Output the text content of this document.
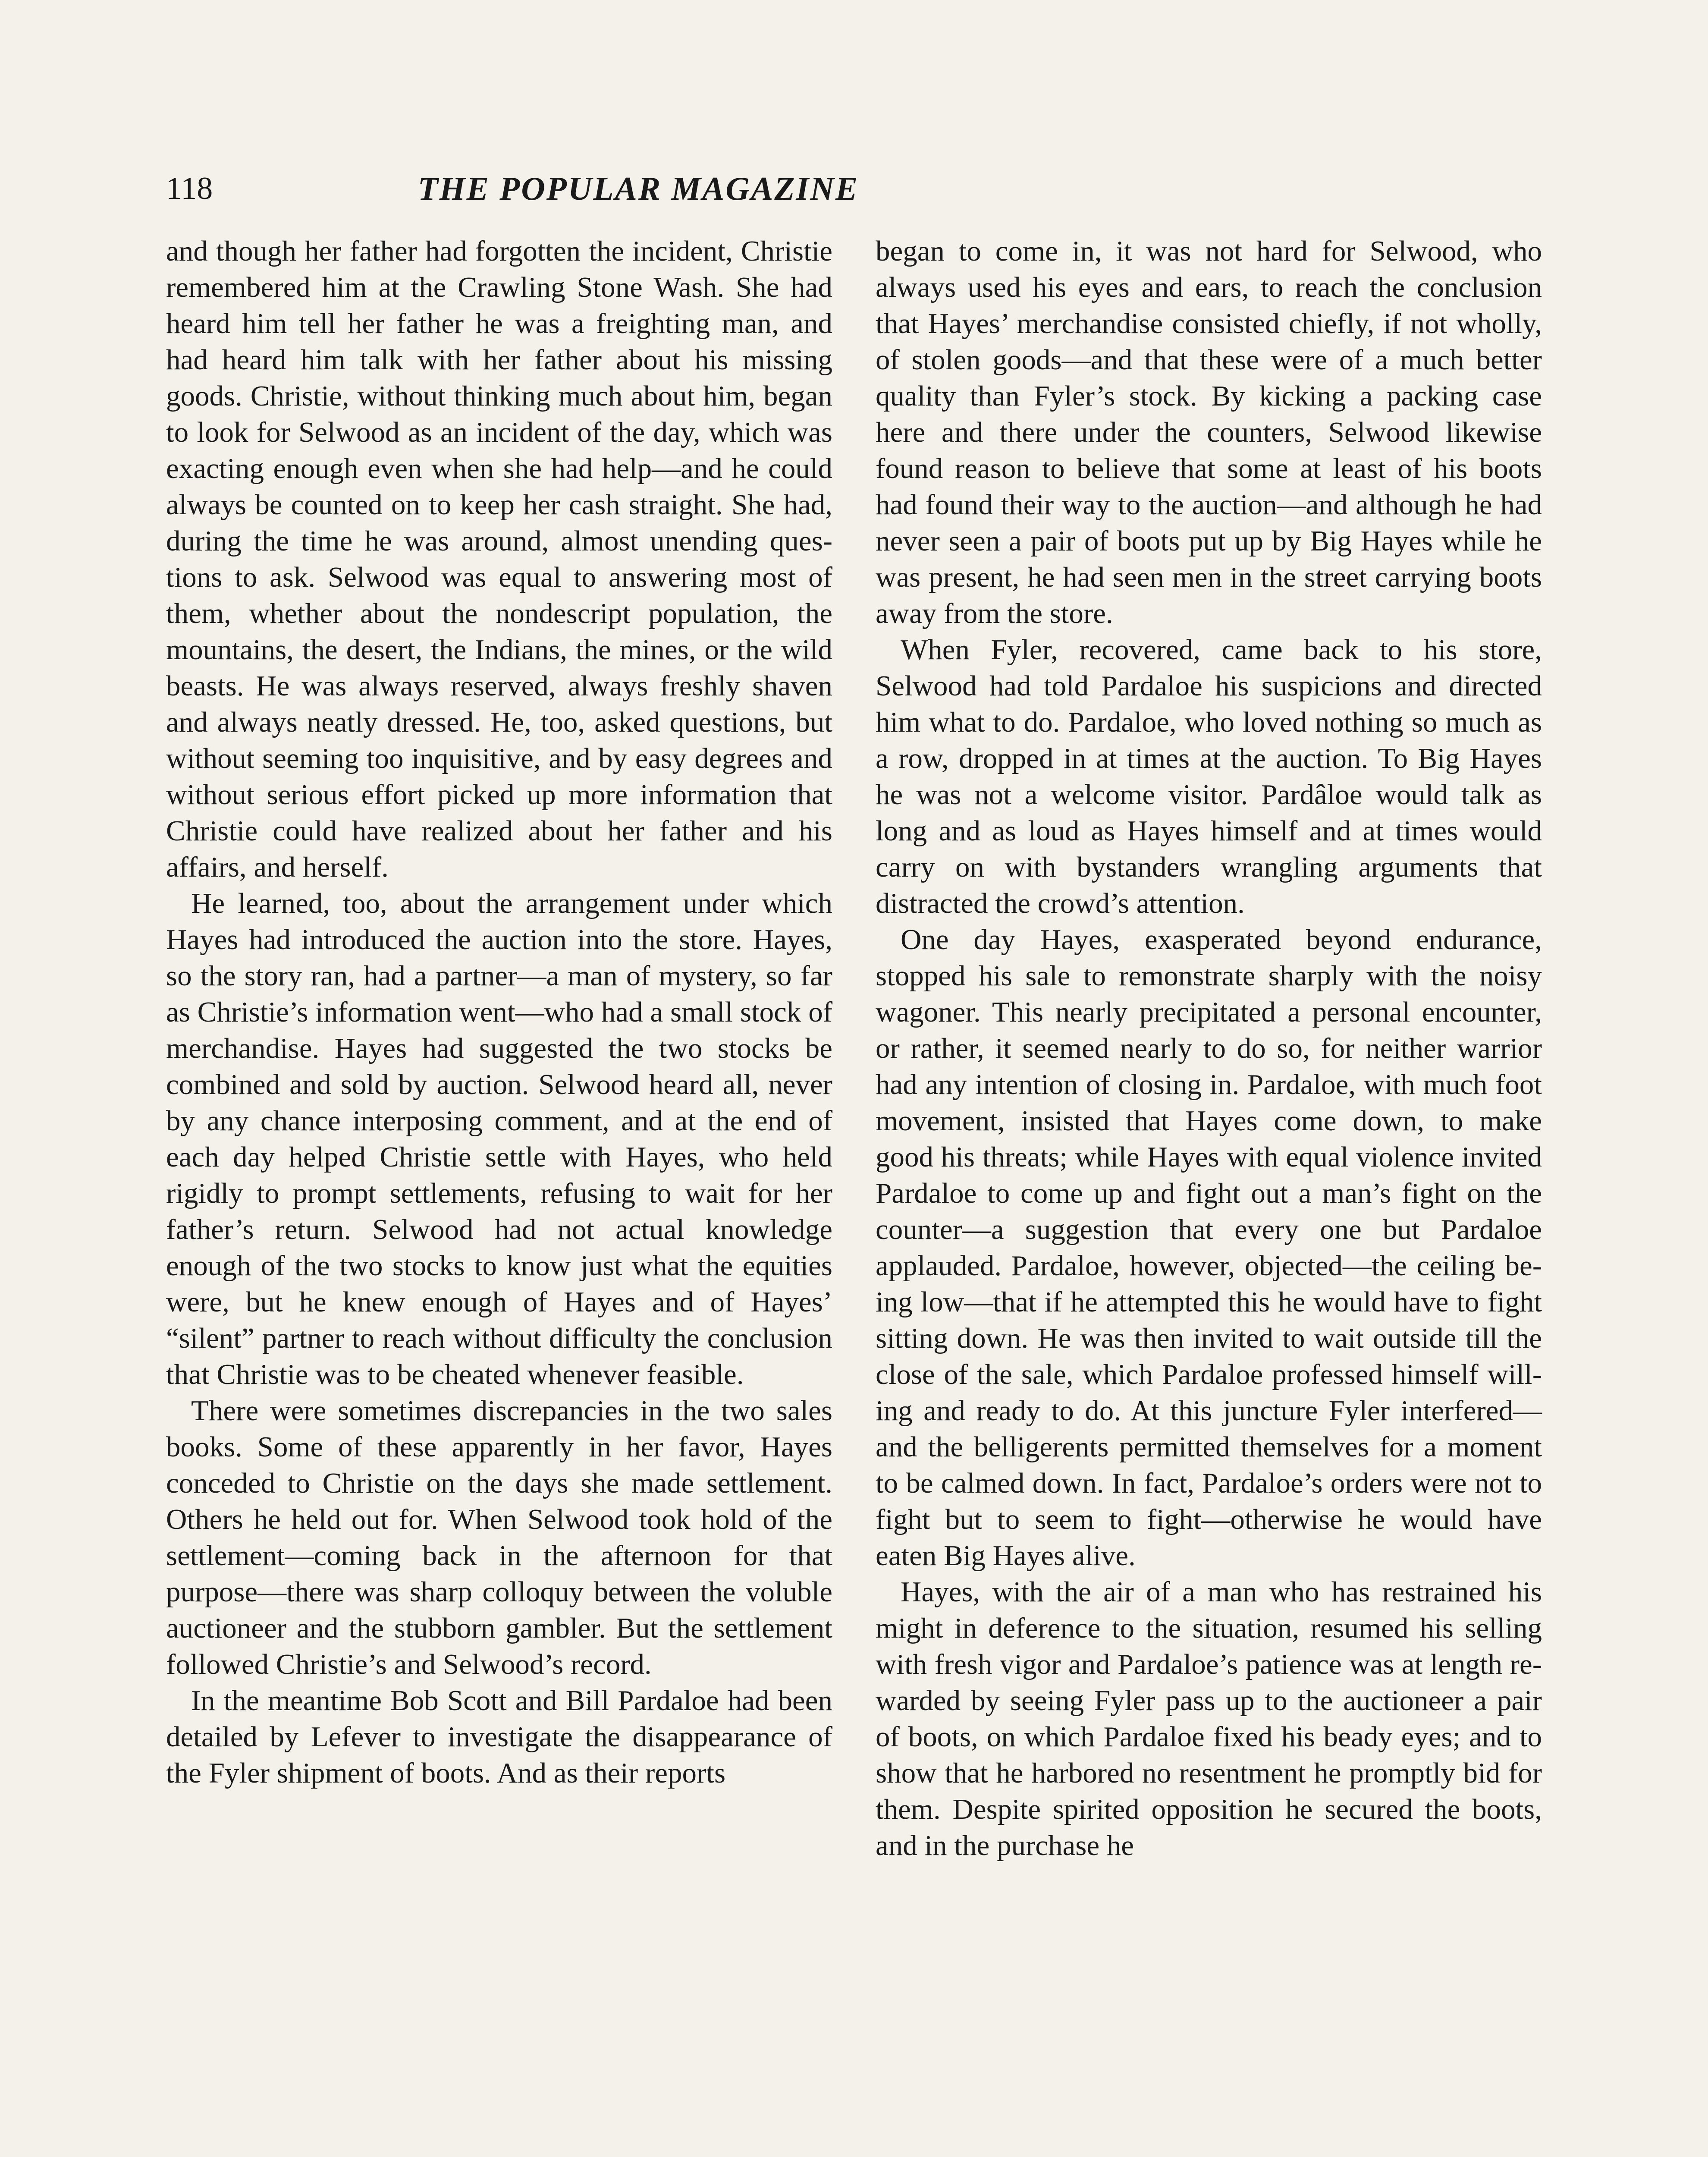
118	THE POPULAR MAGAZINE

and though her father had forgotten the incident, Christie remembered him at the Crawling Stone Wash. She had heard him tell her father he was a freighting man, and had heard him talk with her father about his missing goods. Christie, without thinking much about him, began to look for Selwood as an incident of the day, which was exacting enough even when she had help—and he could always be counted on to keep her cash straight. She had, during the time he was around, almost unending questions to ask. Selwood was equal to answering most of them, whether about the nondescript population, the mountains, the desert, the Indians, the mines, or the wild beasts. He was always reserved, always freshly shaven and always neatly dressed. He, too, asked questions, but without seeming too inquisitive, and by easy degrees and without serious effort picked up more information that Christie could have realized about her father and his affairs, and herself.

He learned, too, about the arrangement under which Hayes had introduced the auction into the store. Hayes, so the story ran, had a partner—a man of mystery, so far as Christie’s information went—who had a small stock of merchandise. Hayes had suggested the two stocks be combined and sold by auction. Selwood heard all, never by any chance interposing comment, and at the end of each day helped Christie settle with Hayes, who held rigidly to prompt settlements, refusing to wait for her father’s return. Selwood had not actual knowledge enough of the two stocks to know just what the equities were, but he knew enough of Hayes and of Hayes’ “silent” partner to reach without difficulty the conclusion that Christie was to be cheated whenever feasible.

There were sometimes discrepancies in the two sales books. Some of these apparently in her favor, Hayes conceded to Christie on the days she made settlement. Others he held out for. When Selwood took hold of the settlement—coming back in the afternoon for that purpose—there was sharp colloquy between the voluble auctioneer and the stubborn gambler. But the settlement followed Christie’s and Selwood’s record.

In the meantime Bob Scott and Bill Pardaloe had been detailed by Lefever to investigate the disappearance of the Fyler shipment of boots. And as their reports

began to come in, it was not hard for Selwood, who always used his eyes and ears, to reach the conclusion that Hayes’ merchandise consisted chiefly, if not wholly, of stolen goods—and that these were of a much better quality than Fyler’s stock. By kicking a packing case here and there under the counters, Selwood likewise found reason to believe that some at least of his boots had found their way to the auction—and although he had never seen a pair of boots put up by Big Hayes while he was present, he had seen men in the street carrying boots away from the store.

When Fyler, recovered, came back to his store, Selwood had told Pardaloe his suspicions and directed him what to do. Pardaloe, who loved nothing so much as a row, dropped in at times at the auction. To Big Hayes he was not a welcome visitor. Pardâloe would talk as long and as loud as Hayes himself and at times would carry on with bystanders wrangling arguments that distracted the crowd’s attention.

One day Hayes, exasperated beyond endurance, stopped his sale to remonstrate sharply with the noisy wagoner. This nearly precipitated a personal encounter, or rather, it seemed nearly to do so, for neither warrior had any intention of closing in. Pardaloe, with much foot movement, insisted that Hayes come down, to make good his threats; while Hayes with equal violence invited Pardaloe to come up and fight out a man’s fight on the counter—a suggestion that every one but Pardaloe applauded. Pardaloe, however, objected—the ceiling being low—that if he attempted this he would have to fight sitting down. He was then invited to wait outside till the close of the sale, which Pardaloe professed himself willing and ready to do. At this juncture Fyler interfered—and the belligerents permitted themselves for a moment to be calmed down. In fact, Pardaloe’s orders were not to fight but to seem to fight—otherwise he would have eaten Big Hayes alive.

Hayes, with the air of a man who has restrained his might in deference to the situation, resumed his selling with fresh vigor and Pardaloe’s patience was at length rewarded by seeing Fyler pass up to the auctioneer a pair of boots, on which Pardaloe fixed his beady eyes; and to show that he harbored no resentment he promptly bid for them. Despite spirited opposition he secured the boots, and in the purchase he
